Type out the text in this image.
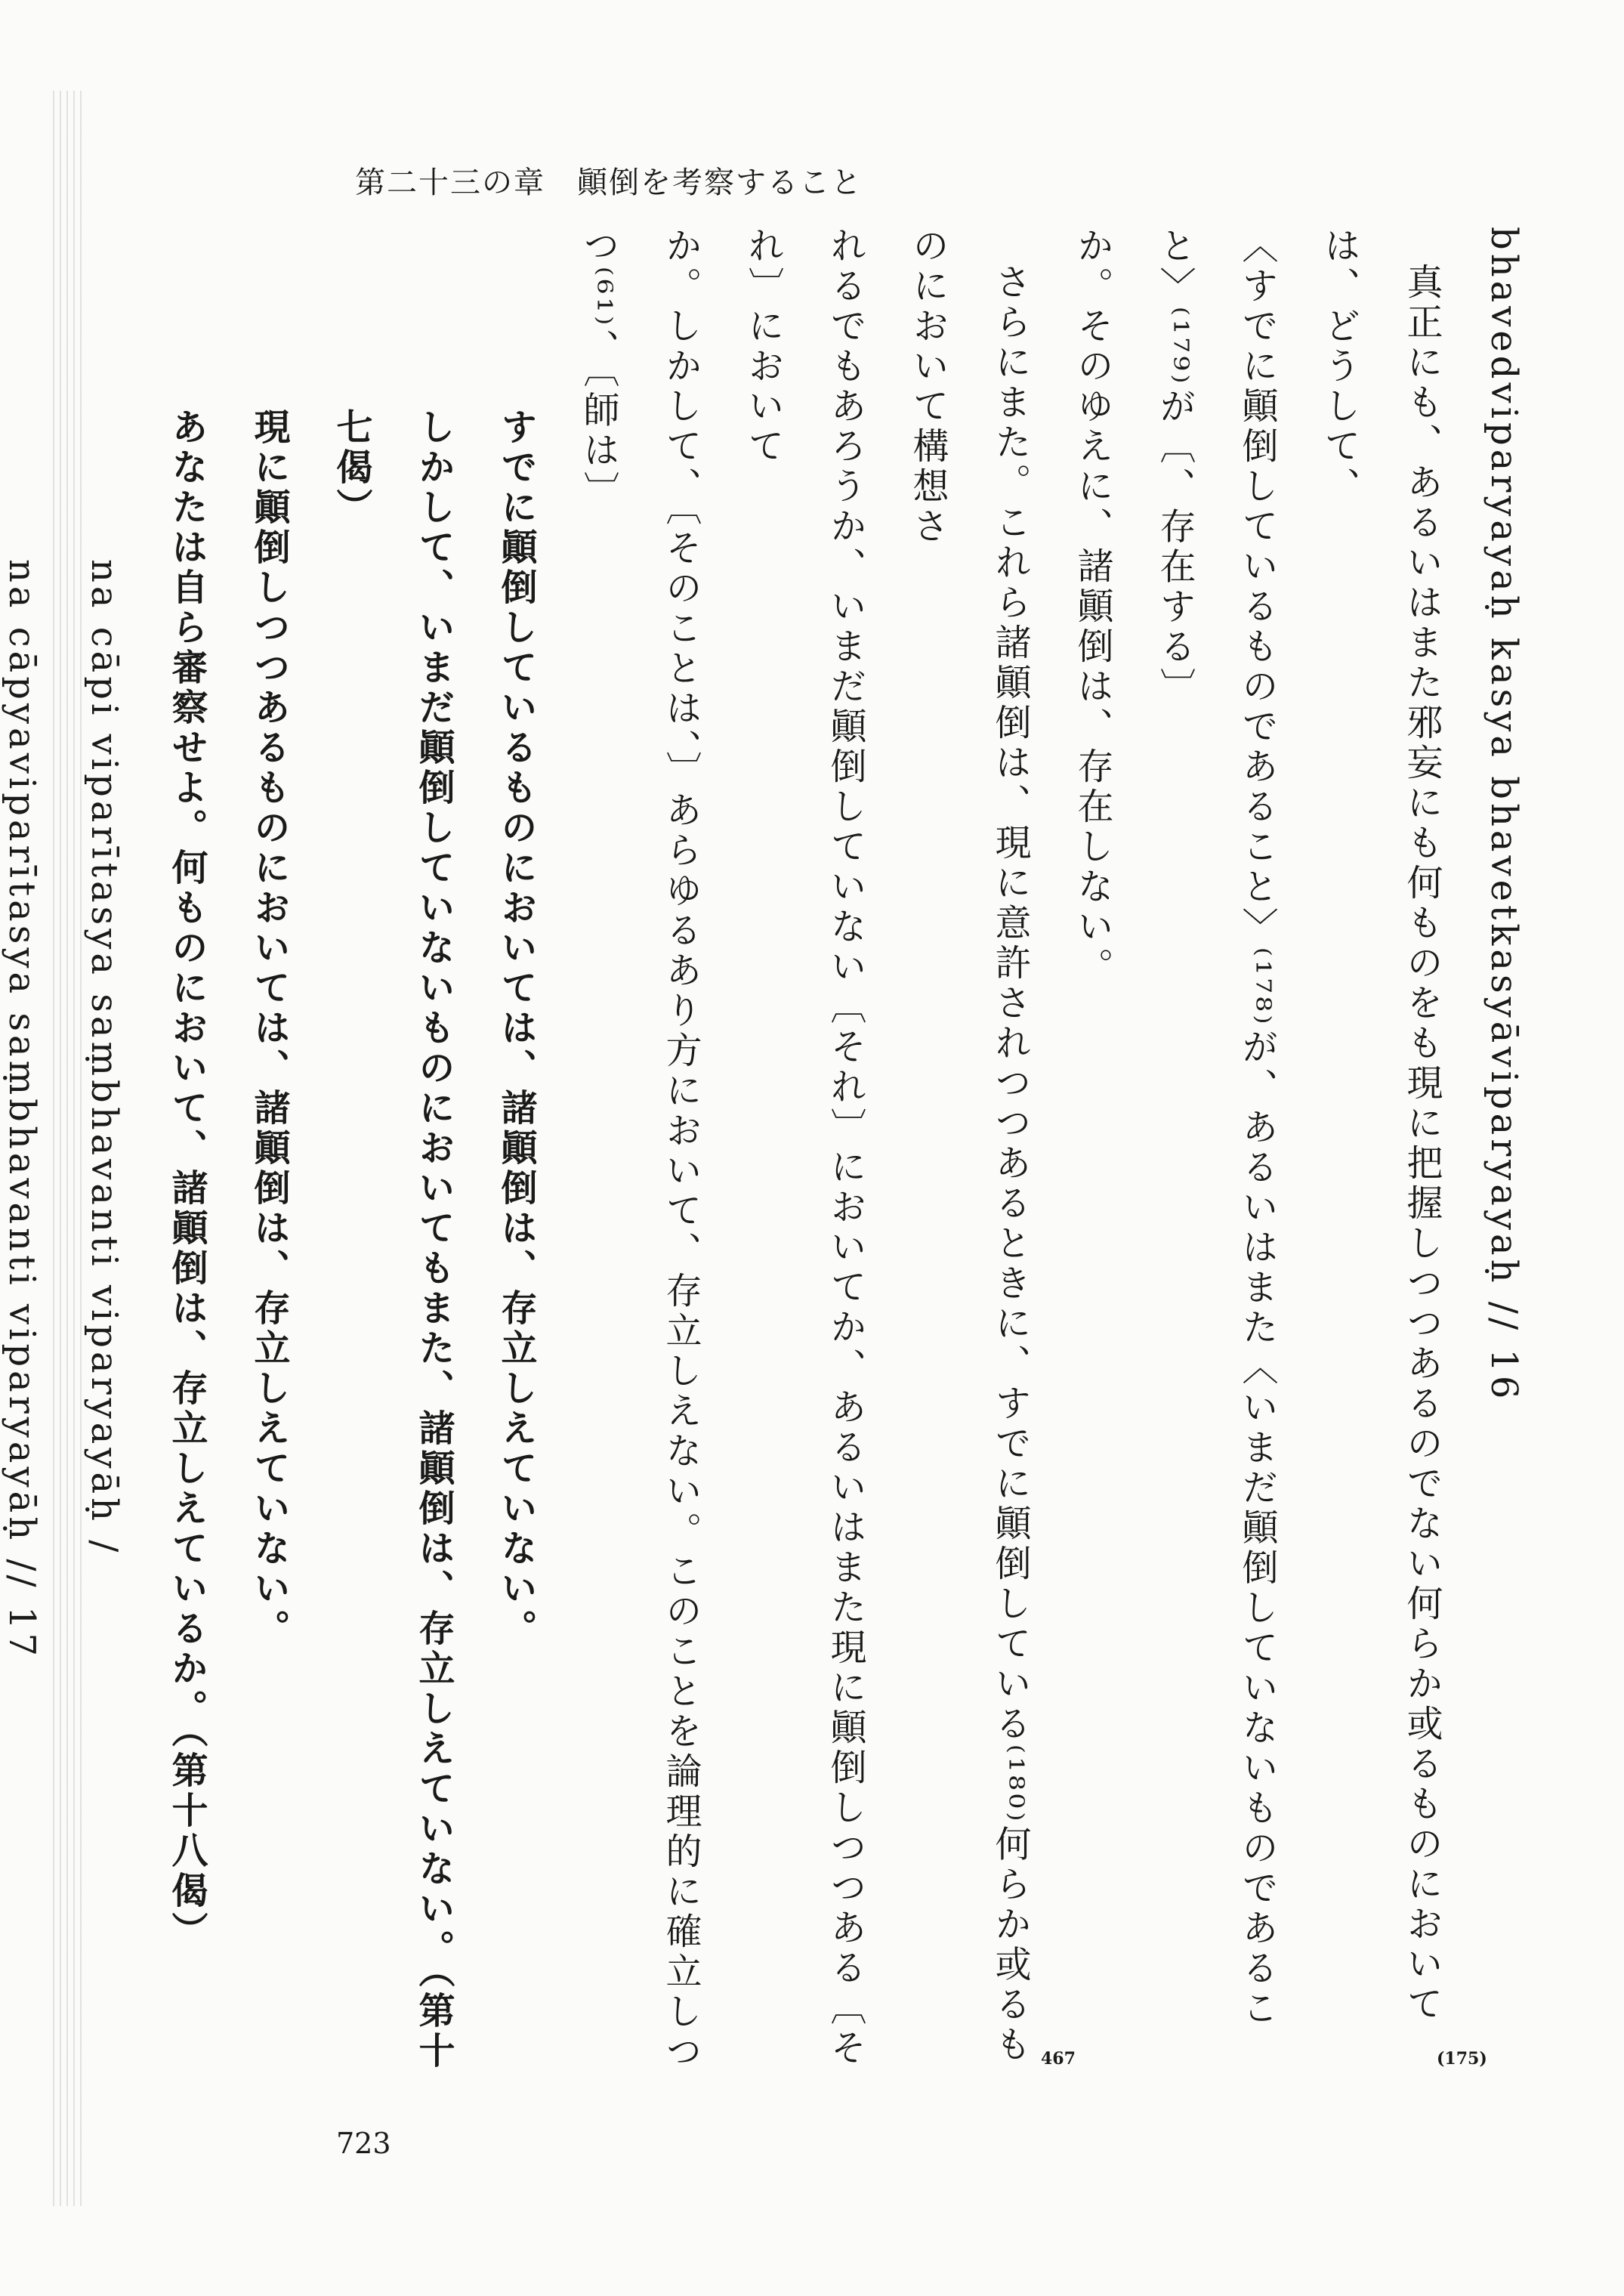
第二十三の章　顚倒を考察すること
(175)
467

bhavedviparyayaḥ kasya bhavetkasyāviparyayaḥ // 16

真正にも、あるいはまた邪妄にも何ものをも現に把握しつつあるのでない何らか或るものにおいては、どうして、

〈すでに顚倒しているものであること〉⁽¹⁷⁸⁾が、あるいはまた〈いまだ顚倒していないものであること〉⁽¹⁷⁹⁾が〔、存在する〕

か。そのゆえに、諸顚倒は、存在しない。

さらにまた。これら諸顚倒は、現に意許されつつあるときに、すでに顚倒している⁽¹⁸⁰⁾何らか或るものにおいて構想さ

れるでもあろうか、いまだ顚倒していない〔それ〕においてか、あるいはまた現に顚倒しつつある〔それ〕において

か。しかして、〔そのことは、〕あらゆるあり方において、存立しえない。このことを論理的に確立しつつ⁽⁶¹⁾、〔師は〕

すでに顚倒しているものにおいては、諸顚倒は、存立しえていない。

しかして、いまだ顚倒していないものにおいてもまた、諸顚倒は、存立しえていない。（第十七偈）

現に顚倒しつつあるものにおいては、諸顚倒は、存立しえていない。

あなたは自ら審察せよ。何ものにおいて、諸顚倒は、存立しえているか。（第十八偈）

na cāpi viparītasya saṃbhavanti viparyayāḥ /

na cāpyaviparītasya saṃbhavanti viparyayāḥ // 17

723
